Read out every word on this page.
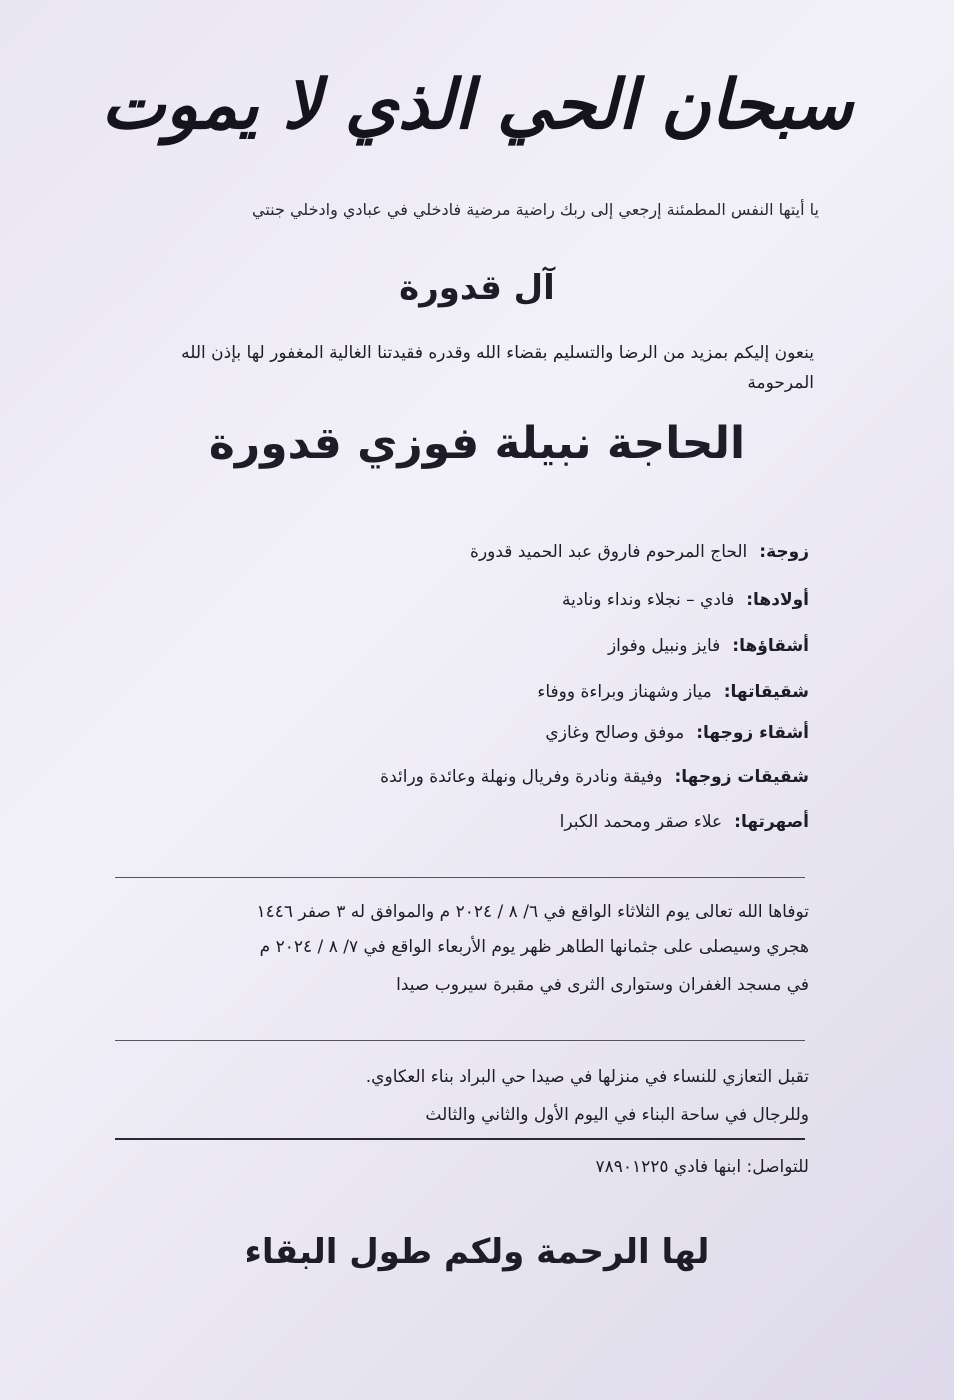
سبحان الحي الذي لا يموت
يا أيتها النفس المطمئنة إرجعي إلى ربك راضية مرضية فادخلي في عبادي وادخلي جنتي
آل قدورة
ينعون إليكم بمزيد من الرضا والتسليم بقضاء الله وقدره فقيدتنا الغالية المغفور لها بإذن الله المرحومة
الحاجة نبيلة فوزي قدورة
زوجة:
الحاج المرحوم فاروق عبد الحميد قدورة
أولادها:
فادي – نجلاء ونداء ونادية
أشقاؤها:
فايز ونبيل وفواز
شقيقاتها:
مياز وشهناز وبراءة ووفاء
أشقاء زوجها:
موفق وصالح وغازي
شقيقات زوجها:
وفيقة ونادرة وفريال ونهلة وعائدة ورائدة
أصهرتها:
علاء صقر ومحمد الكبرا
توفاها الله تعالى يوم الثلاثاء الواقع في ٦/ ٨ / ٢٠٢٤ م والموافق له ٣ صفر ١٤٤٦
هجري وسيصلى على جثمانها الطاهر ظهر يوم الأربعاء الواقع في ٧/ ٨ / ٢٠٢٤ م
في مسجد الغفران وستوارى الثرى في مقبرة سيروب صيدا
تقبل التعازي للنساء في منزلها في صيدا حي البراد بناء العكاوي.
وللرجال في ساحة البناء في اليوم الأول والثاني والثالث
للتواصل: ابنها فادي ٧٨٩٠١٢٢٥
لها الرحمة ولكم طول البقاء
